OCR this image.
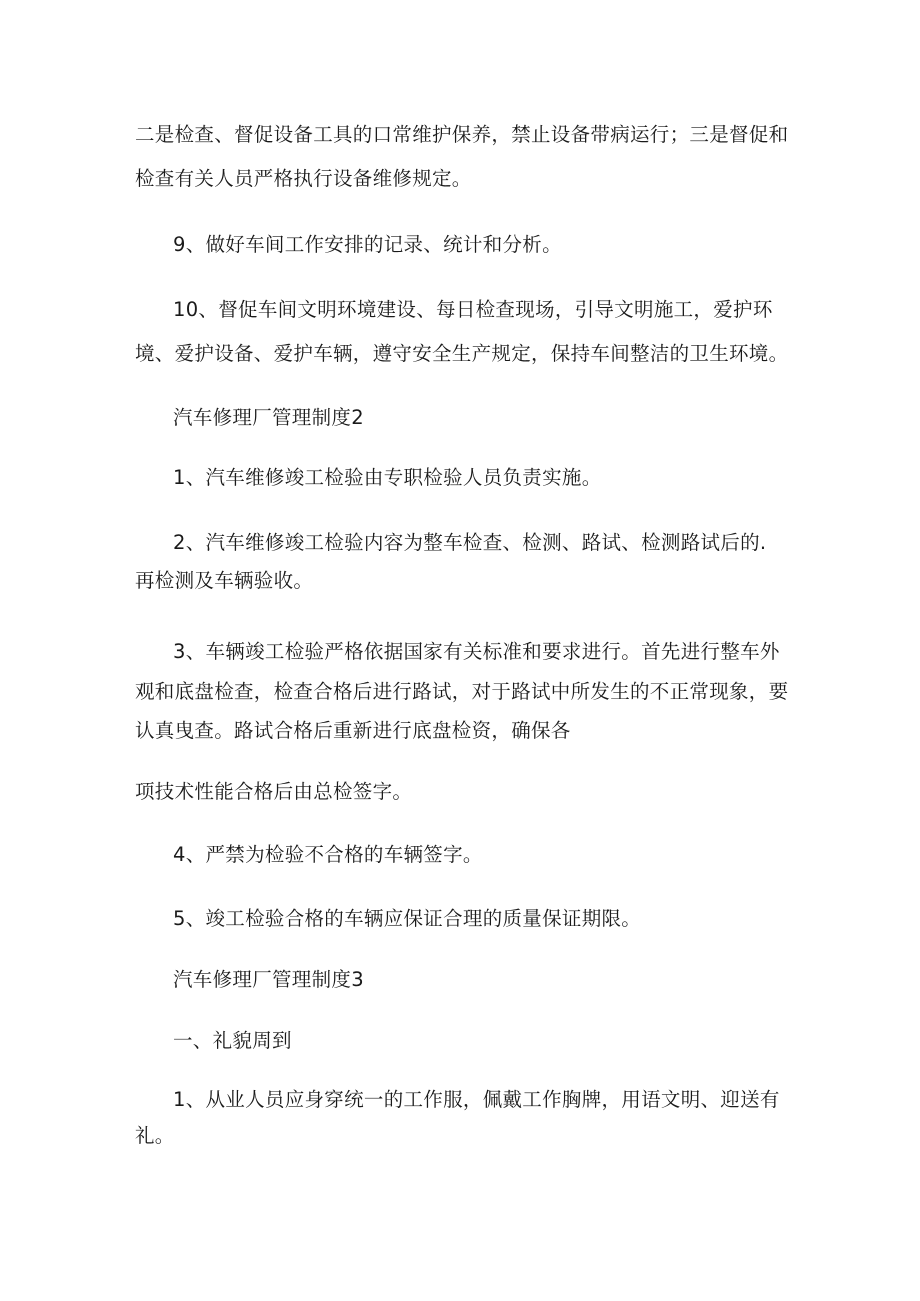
二是检查、督促设备工具的口常维护保养，禁止设备带病运行；三是督促和
检查有关人员严格执行设备维修规定。
9、做好车间工作安排的记录、统计和分析。
10、督促车间文明环境建设、每日检查现场，引导文明施工，爱护环
境、爱护设备、爱护车辆，遵守安全生产规定，保持车间整洁的卫生环境。
汽车修理厂管理制度2
1、汽车维修竣工检验由专职检验人员负责实施。
2、汽车维修竣工检验内容为整车检查、检测、路试、检测路试后的.
再检测及车辆验收。
3、车辆竣工检验严格依据国家有关标准和要求进行。首先进行整车外
观和底盘检查，检查合格后进行路试，对于路试中所发生的不正常现象，要
认真曳查。路试合格后重新进行底盘检资，确保各
项技术性能合格后由总检签字。
4、严禁为检验不合格的车辆签字。
5、竣工检验合格的车辆应保证合理的质量保证期限。
汽车修理厂管理制度3
一、礼貌周到
1、从业人员应身穿统一的工作服，佩戴工作胸牌，用语文明、迎送有
礼。
